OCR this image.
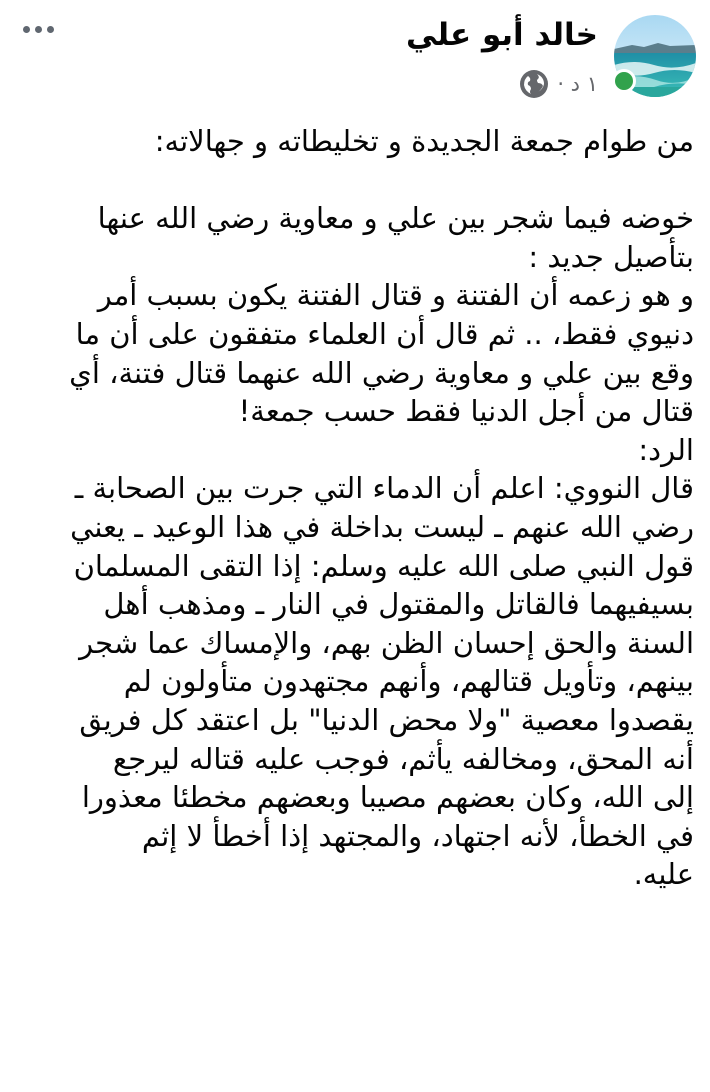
خالد أبو علي
١ د ·
من طوام جمعة الجديدة و تخليطاته و جهالاته:
خوضه فيما شجر بين علي و معاوية رضي الله عنها
بتأصيل جديد :
و هو زعمه أن الفتنة و قتال الفتنة يكون بسبب أمر
دنيوي فقط، .. ثم قال أن العلماء متفقون على أن ما
وقع بين علي و معاوية رضي الله عنهما قتال فتنة، أي
قتال من أجل الدنيا فقط حسب جمعة!
الرد:
قال النووي: اعلم أن الدماء التي جرت بين الصحابة ـ
رضي الله عنهم ـ ليست بداخلة في هذا الوعيد ـ يعني
قول النبي صلى الله عليه وسلم: إذا التقى المسلمان
بسيفيهما فالقاتل والمقتول في النار ـ ومذهب أهل
السنة والحق إحسان الظن بهم، والإمساك عما شجر
بينهم، وتأويل قتالهم، وأنهم مجتهدون متأولون لم
يقصدوا معصية "ولا محض الدنيا" بل اعتقد كل فريق
أنه المحق، ومخالفه يأثم، فوجب عليه قتاله ليرجع
إلى الله، وكان بعضهم مصيبا وبعضهم مخطئا معذورا
في الخطأ، لأنه اجتهاد، والمجتهد إذا أخطأ لا إثم
عليه.
